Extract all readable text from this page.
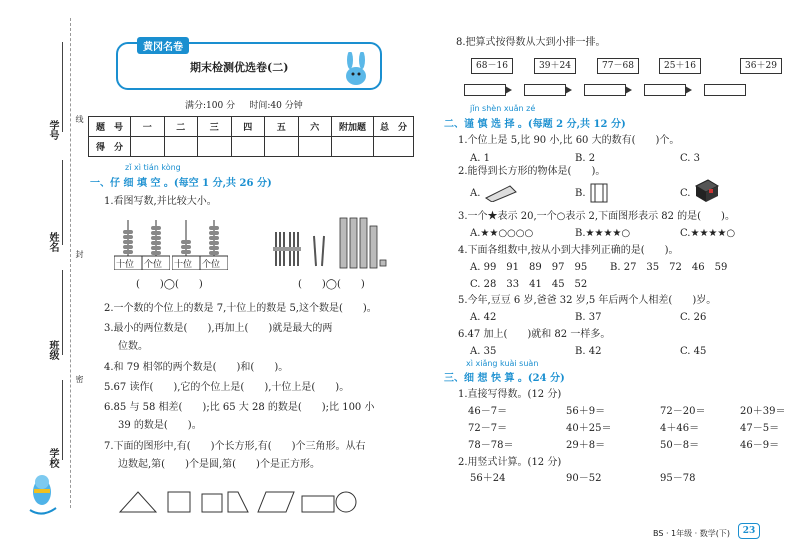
学号
姓名
班级
学校
线
封
密
黄冈名卷
期末检测优选卷(二)
满分:100 分 时间:40 分钟
题　号	一	二	三	四	五	六	附加题	总　分
得　分								
zǐ xì tián kòng
一、仔 细 填 空 。(每空 1 分,共 26 分)
1.看图写数,并比较大小。
十位 个位 十位 个位
(　　)◯(　　)	(　　)◯(　　)
2.一个数的个位上的数是 7,十位上的数是 5,这个数是(　　)。
3.最小的两位数是(　　),再加上(　　)就是最大的两
位数。
4.和 79 相邻的两个数是(　　)和(　　)。
5.67 读作(　　),它的个位上是(　　),十位上是(　　)。
6.85 与 58 相差(　　);比 65 大 28 的数是(　　);比 100 小
39 的数是(　　)。
7.下面的图形中,有(　　)个长方形,有(　　)个三角形。从右
边数起,第(　　)个是圆,第(　　)个是正方形。
8.把算式按得数从大到小排一排。
68－16	39＋24	77－68	25＋16	36＋29
jǐn shèn xuǎn zé
二、谨 慎 选 择 。(每题 2 分,共 12 分)
1.个位上是 5,比 90 小,比 60 大的数有(　　)个。
A. 1	B. 2	C. 3
2.能得到长方形的物体是(　　)。
A.	B.	C.
3.一个★表示 20,一个○表示 2,下面图形表示 82 的是(　　)。
A.★★○○○○	B.★★★★○	C.★★★★○
4.下面各组数中,按从小到大排列正确的是(　　)。
A. 99　91　89　97　95 B. 27　35　72　46　59
C. 28　33　41　45　52
5.今年,豆豆 6 岁,爸爸 32 岁,5 年后两个人相差(　　)岁。
A. 42	B. 37	C. 26
6.47 加上(　　)就和 82 一样多。
A. 35	B. 42	C. 45
xì xiǎng kuài suàn
三、细 想 快 算 。(24 分)
1.直接写得数。(12 分)
46－7＝	56＋9＝	72－20＝	20＋39＝
72－7＝	40＋25＝	4＋46＝	47－5＝
78－78＝	29＋8＝	50－8＝	46－9＝
2.用竖式计算。(12 分)
56＋24	90－52	95－78
BS · 1年级 · 数学(下)	23
